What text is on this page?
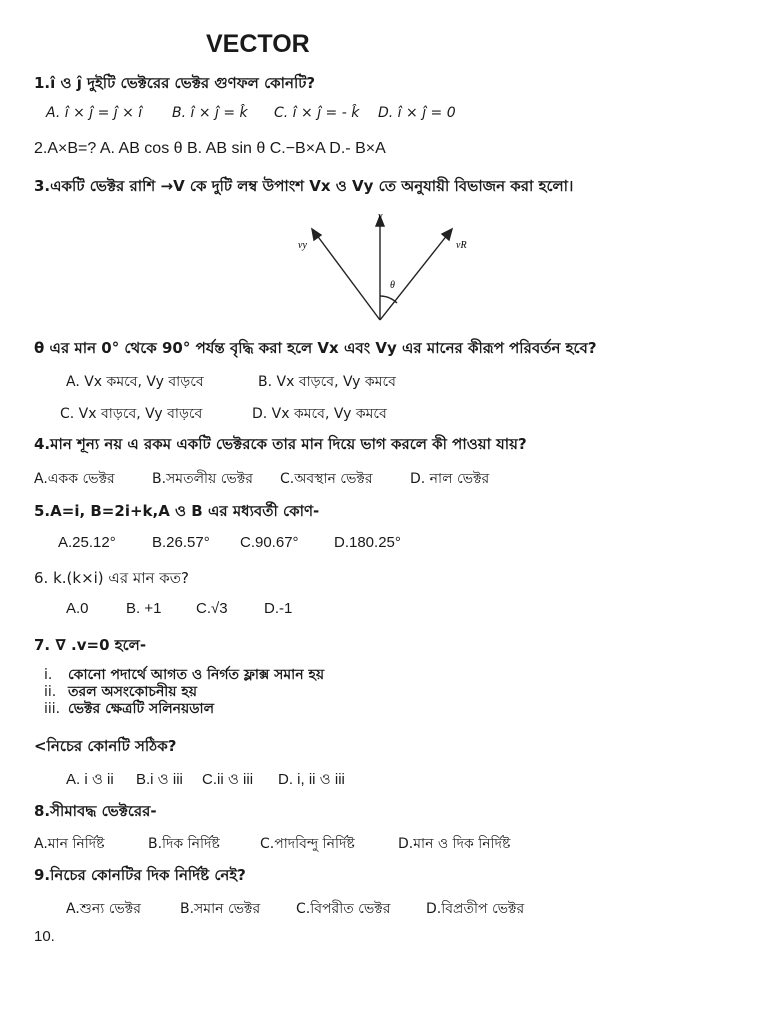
VECTOR
1.î ও ĵ দুইটি ভেক্টরের ভেক্টর গুণফল কোনটি?
A. î × ĵ = ĵ × î B. î × ĵ = k̂ C. î × ĵ = - k̂ D. î × ĵ = 0
2.A×B=? A. AB cos θ B. AB sin θ C.−B×A D.- B×A
3.একটি ভেক্টর রাশি →V কে দুটি লম্ব উপাংশ Vx ও Vy তে অনুযায়ী বিভাজন করা হলো।
v
vy	vR
θ
θ এর মান 0° থেকে 90° পর্যন্ত বৃদ্ধি করা হলে Vx এবং Vy এর মানের কীরূপ পরিবর্তন হবে?
A. Vx কমবে, Vy বাড়বে	B. Vx বাড়বে, Vy কমবে
C. Vx বাড়বে, Vy বাড়বে	D. Vx কমবে, Vy কমবে
4.মান শূন্য নয় এ রকম একটি ভেক্টরকে তার মান দিয়ে ভাগ করলে কী পাওয়া যায়?
A.একক ভেক্টর	B.সমতলীয় ভেক্টর C.অবস্থান ভেক্টর	D. নাল ভেক্টর
5.A=i, B=2i+k,A ও B এর মধ্যবর্তী কোণ-
A.25.12° B.26.57° C.90.67° D.180.25°
6. k.(k×i) এর মান কত?
A.0 B. +1 C.√3 D.-1
7. ∇ .v=0 হলে-
i. কোনো পদার্থে আগত ও নির্গত ফ্লাক্স সমান হয়
ii. তরল অসংকোচনীয় হয়
iii. ভেক্টর ক্ষেত্রটি সলিনয়ডাল
<নিচের কোনটি সঠিক?
A. i ও ii B.i ও iii C.ii ও iii D. i, ii ও iii
8.সীমাবদ্ধ ভেক্টরের-
A.মান নির্দিষ্ট	B.দিক নির্দিষ্ট	C.পাদবিন্দু নির্দিষ্ট	D.মান ও দিক নির্দিষ্ট
9.নিচের কোনটির দিক নির্দিষ্ট নেই?
A.শুন্য ভেক্টর	B.সমান ভেক্টর	C.বিপরীত ভেক্টর	D.বিপ্রতীপ ভেক্টর
10.
